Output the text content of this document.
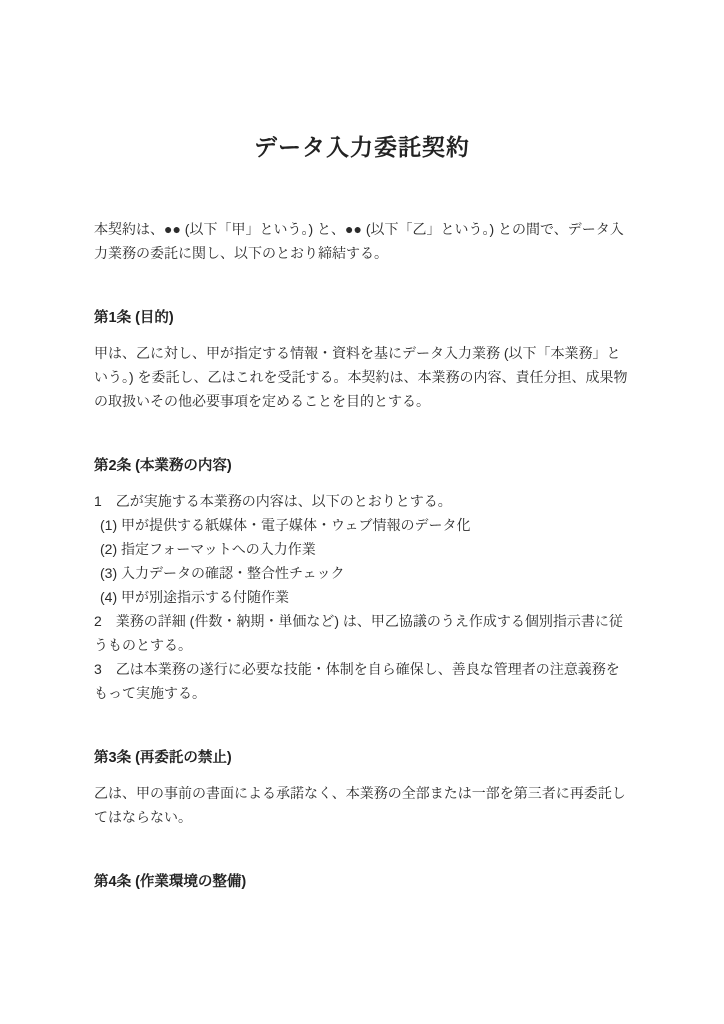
データ入力委託契約

本契約は、●● (以下「甲」という。) と、●● (以下「乙」という。) との間で、データ入力業務の委託に関し、以下のとおり締結する。

第1条 (目的)

甲は、乙に対し、甲が指定する情報・資料を基にデータ入力業務 (以下「本業務」という。) を委託し、乙はこれを受託する。本契約は、本業務の内容、責任分担、成果物の取扱いその他必要事項を定めることを目的とする。

第2条 (本業務の内容)

1　乙が実施する本業務の内容は、以下のとおりとする。

(1) 甲が提供する紙媒体・電子媒体・ウェブ情報のデータ化

(2) 指定フォーマットへの入力作業

(3) 入力データの確認・整合性チェック

(4) 甲が別途指示する付随作業

2　業務の詳細 (件数・納期・単価など) は、甲乙協議のうえ作成する個別指示書に従うものとする。

3　乙は本業務の遂行に必要な技能・体制を自ら確保し、善良な管理者の注意義務をもって実施する。

第3条 (再委託の禁止)

乙は、甲の事前の書面による承諾なく、本業務の全部または一部を第三者に再委託してはならない。

第4条 (作業環境の整備)
